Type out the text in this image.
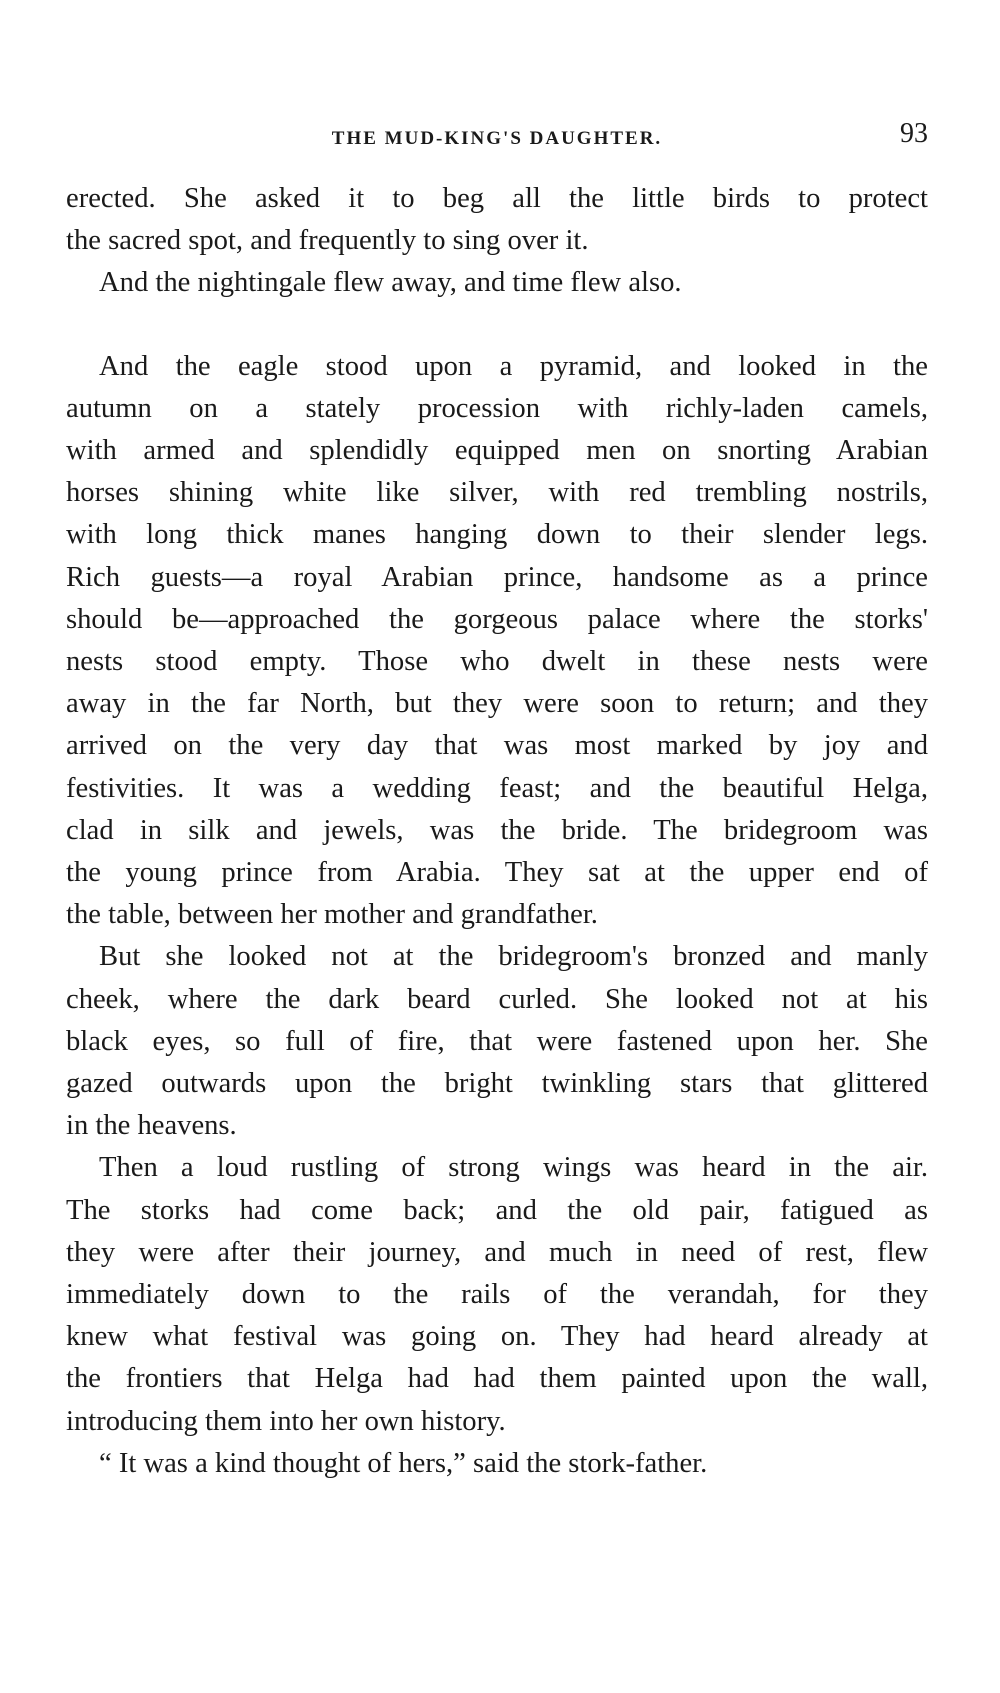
THE MUD-KING'S DAUGHTER.	93
erected. She asked it to beg all the little birds to protect
the sacred spot, and frequently to sing over it.
And the nightingale flew away, and time flew also.
And the eagle stood upon a pyramid, and looked in the
autumn on a stately procession with richly-laden camels,
with armed and splendidly equipped men on snorting Arabian
horses shining white like silver, with red trembling nostrils,
with long thick manes hanging down to their slender legs.
Rich guests—a royal Arabian prince, handsome as a prince
should be—approached the gorgeous palace where the storks'
nests stood empty. Those who dwelt in these nests were
away in the far North, but they were soon to return; and they
arrived on the very day that was most marked by joy and
festivities. It was a wedding feast; and the beautiful Helga,
clad in silk and jewels, was the bride. The bridegroom was
the young prince from Arabia. They sat at the upper end of
the table, between her mother and grandfather.
But she looked not at the bridegroom's bronzed and manly
cheek, where the dark beard curled. She looked not at his
black eyes, so full of fire, that were fastened upon her. She
gazed outwards upon the bright twinkling stars that glittered
in the heavens.
Then a loud rustling of strong wings was heard in the air.
The storks had come back; and the old pair, fatigued as
they were after their journey, and much in need of rest, flew
immediately down to the rails of the verandah, for they
knew what festival was going on. They had heard already at
the frontiers that Helga had had them painted upon the wall,
introducing them into her own history.
“ It was a kind thought of hers,” said the stork-father.
